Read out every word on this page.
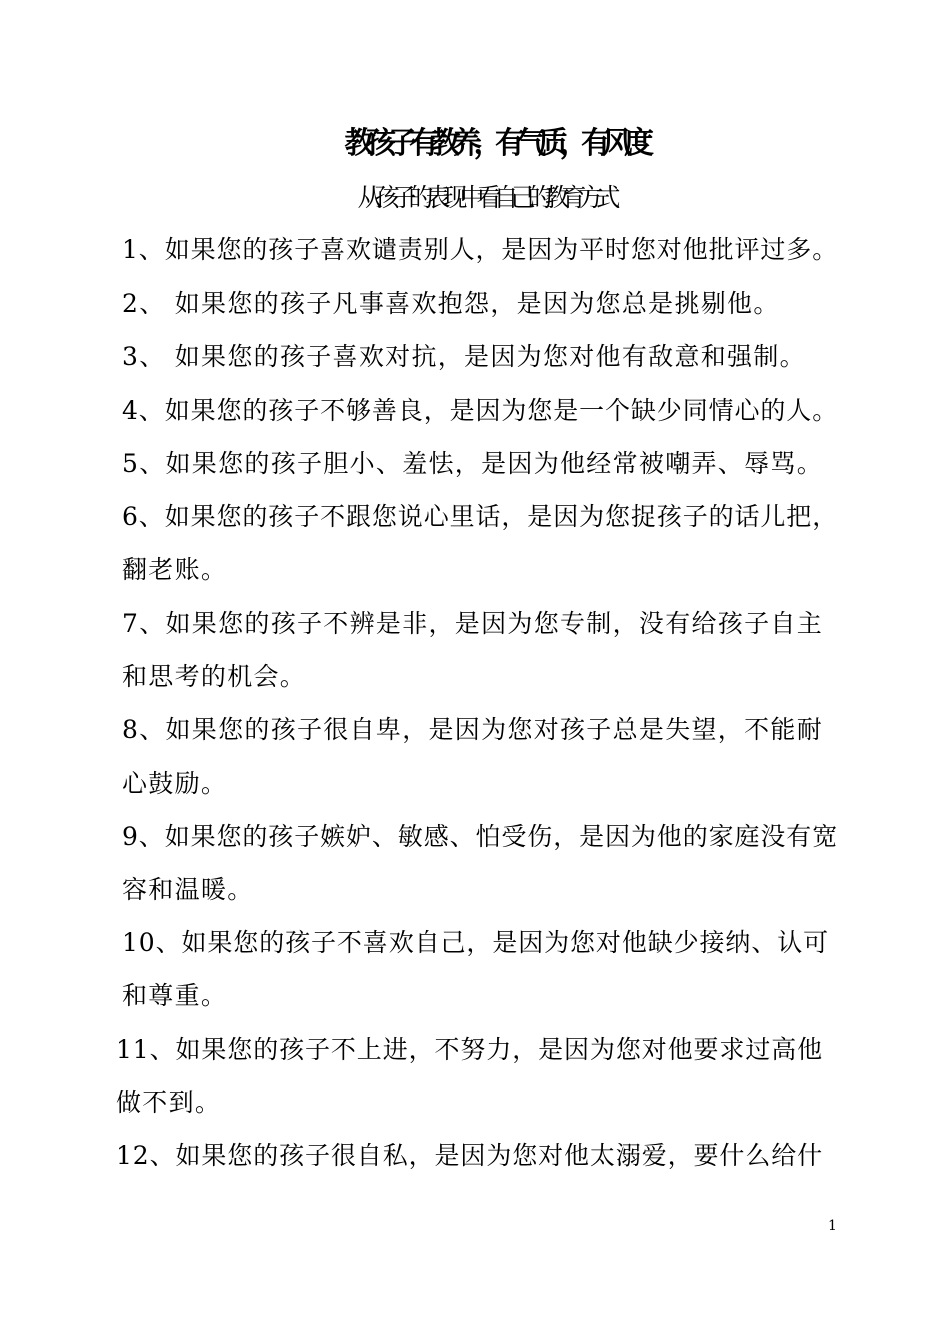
教孩子有教养，有气质，有风度
从孩子的表现中看自己的教育方式
1、如果您的孩子喜欢谴责别人，是因为平时您对他批评过多。
2、 如果您的孩子凡事喜欢抱怨，是因为您总是挑剔他。
3、 如果您的孩子喜欢对抗，是因为您对他有敌意和强制。
4、如果您的孩子不够善良，是因为您是一个缺少同情心的人。
5、如果您的孩子胆小、羞怯，是因为他经常被嘲弄、辱骂。
6、如果您的孩子不跟您说心里话，是因为您捉孩子的话儿把，
翻老账。
7、如果您的孩子不辨是非，是因为您专制，没有给孩子自主
和思考的机会。
8、如果您的孩子很自卑，是因为您对孩子总是失望，不能耐
心鼓励。
9、如果您的孩子嫉妒、敏感、怕受伤，是因为他的家庭没有宽
容和温暖。
10、如果您的孩子不喜欢自己，是因为您对他缺少接纳、认可
和尊重。
11、如果您的孩子不上进，不努力，是因为您对他要求过高他
做不到。
12、如果您的孩子很自私，是因为您对他太溺爱，要什么给什
1
